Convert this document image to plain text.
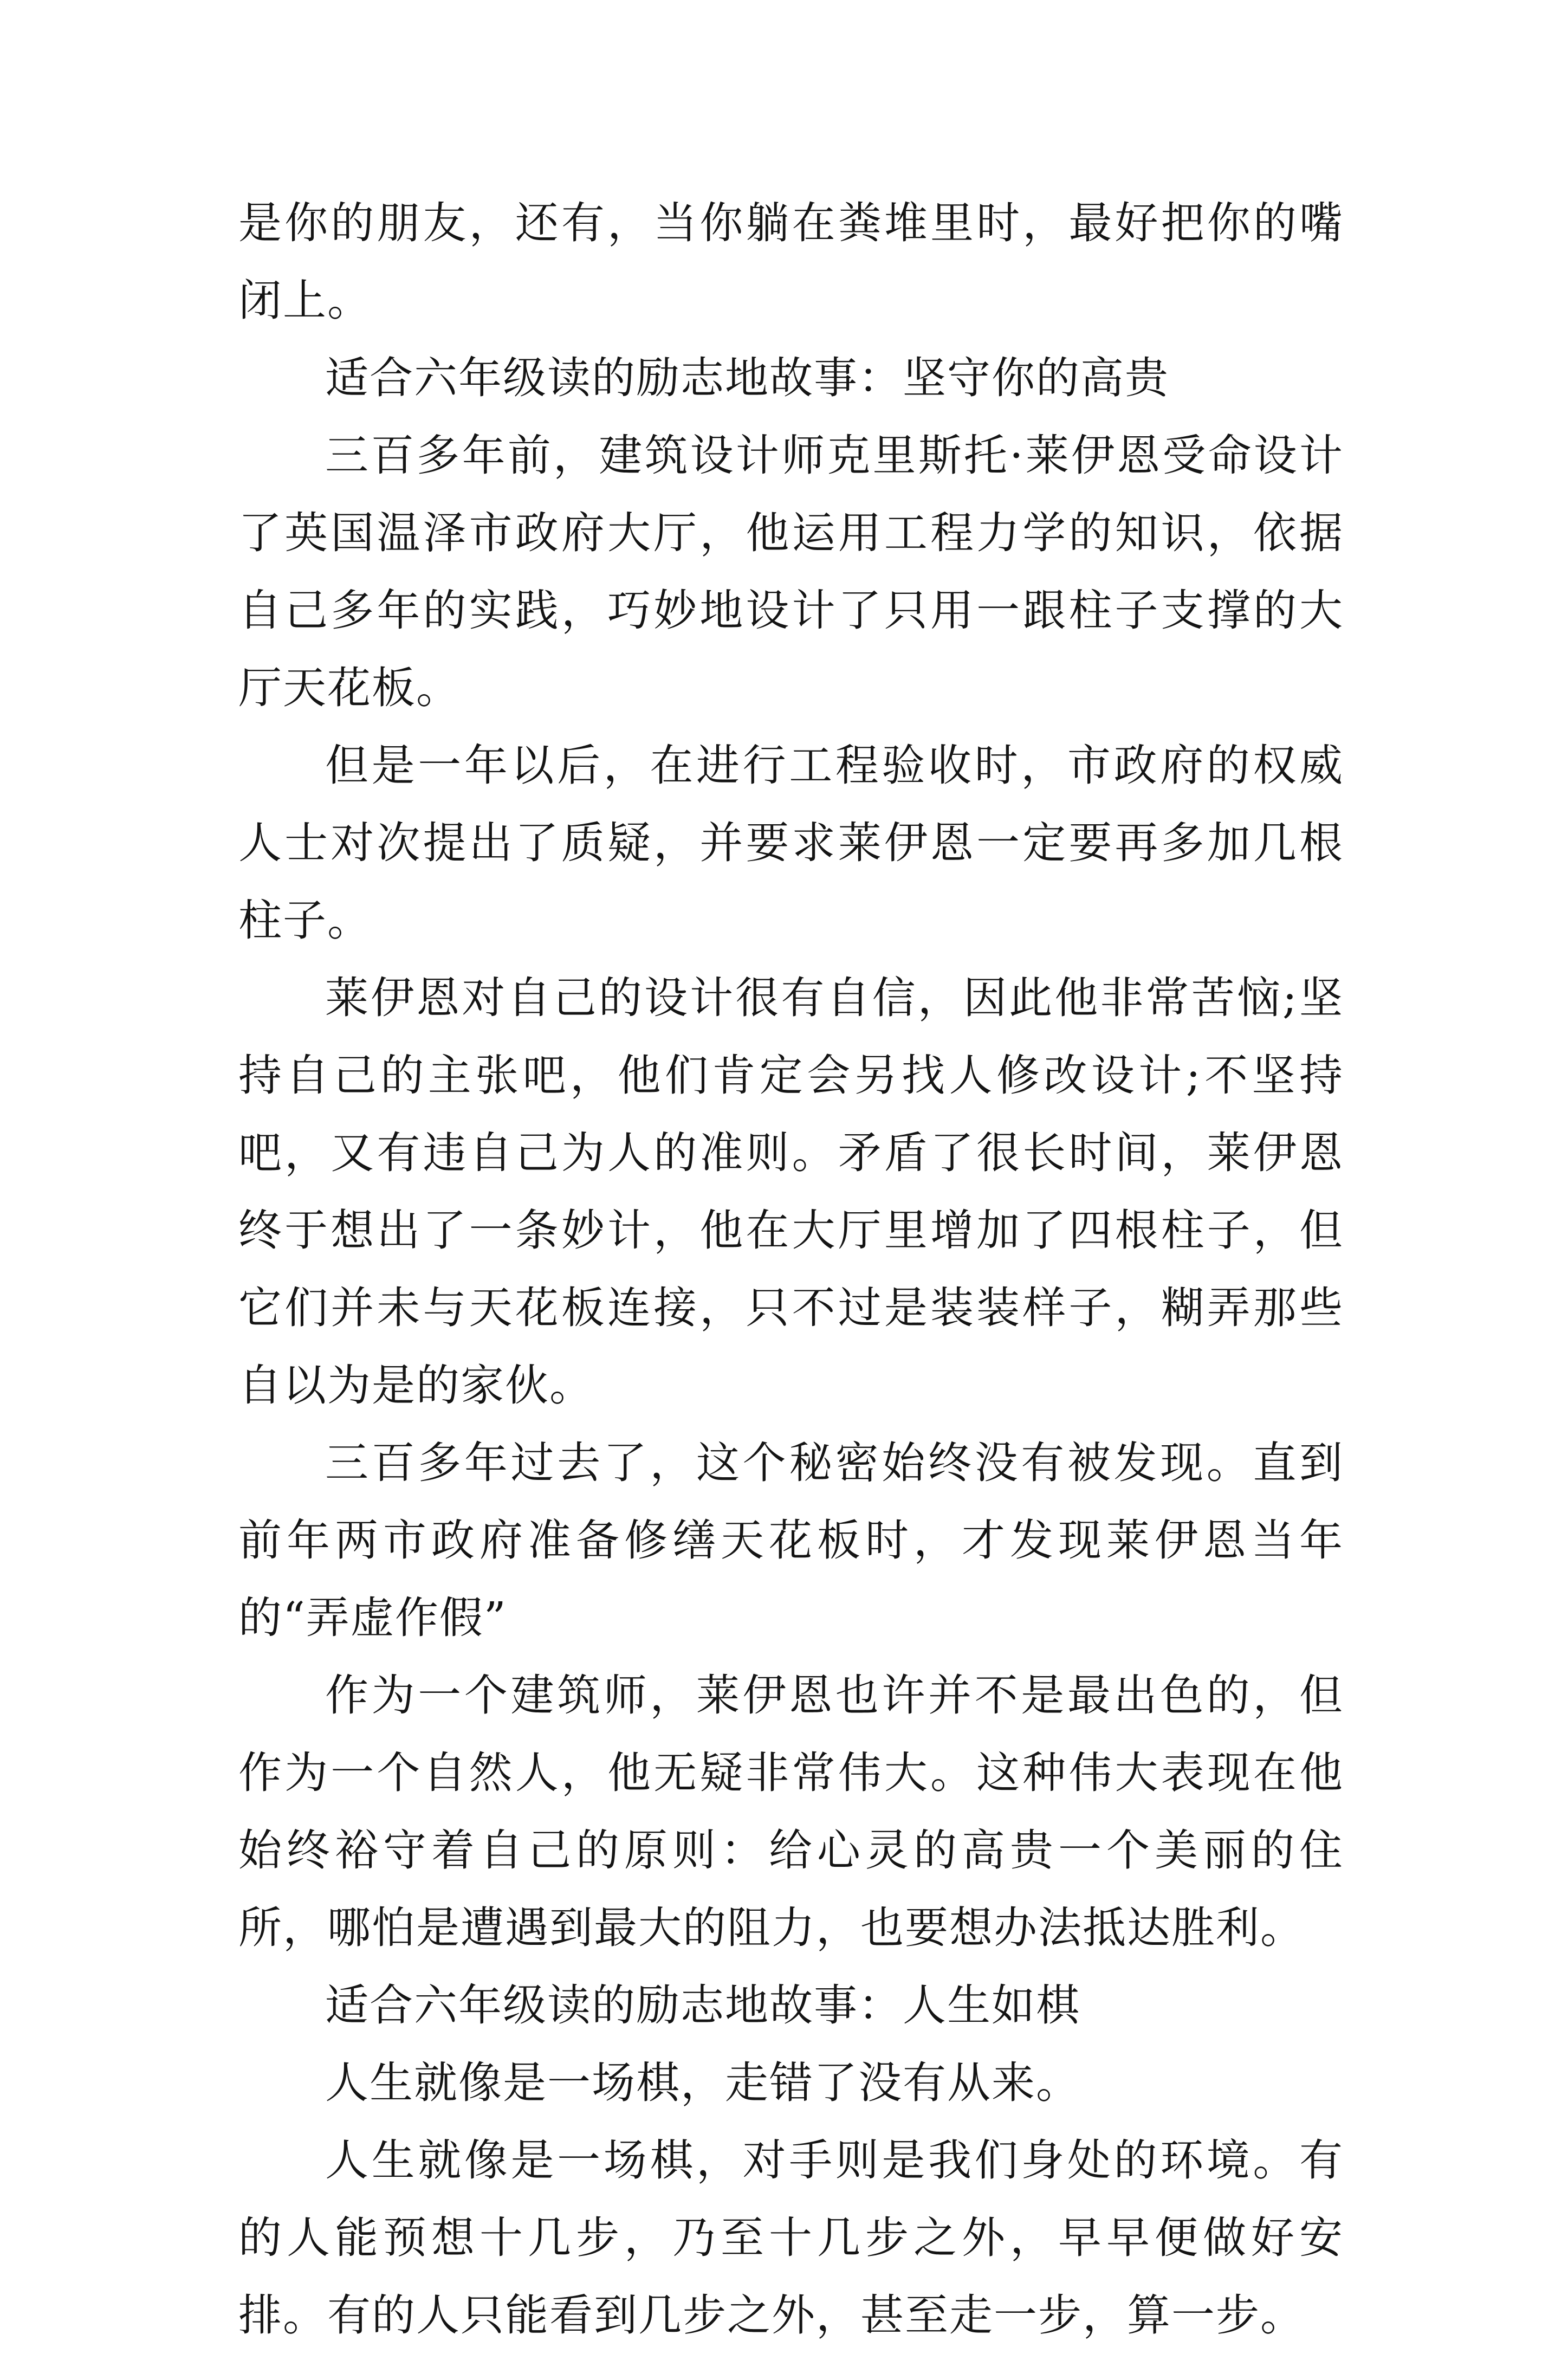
是你的朋友，还有，当你躺在粪堆里时，最好把你的嘴闭上。

适合六年级读的励志地故事：坚守你的高贵

三百多年前，建筑设计师克里斯托·莱伊恩受命设计了英国温泽市政府大厅，他运用工程力学的知识，依据自己多年的实践，巧妙地设计了只用一跟柱子支撑的大厅天花板。

但是一年以后，在进行工程验收时，市政府的权威人士对次提出了质疑，并要求莱伊恩一定要再多加几根柱子。

莱伊恩对自己的设计很有自信，因此他非常苦恼;坚持自己的主张吧，他们肯定会另找人修改设计;不坚持吧，又有违自己为人的准则。矛盾了很长时间，莱伊恩终于想出了一条妙计，他在大厅里增加了四根柱子，但它们并未与天花板连接，只不过是装装样子，糊弄那些自以为是的家伙。

三百多年过去了，这个秘密始终没有被发现。直到前年两市政府准备修缮天花板时，才发现莱伊恩当年的“弄虚作假”

作为一个建筑师，莱伊恩也许并不是最出色的，但作为一个自然人，他无疑非常伟大。这种伟大表现在他始终裕守着自己的原则：给心灵的高贵一个美丽的住所，哪怕是遭遇到最大的阻力，也要想办法抵达胜利。

适合六年级读的励志地故事：人生如棋

人生就像是一场棋，走错了没有从来。

人生就像是一场棋，对手则是我们身处的环境。有的人能预想十几步，乃至十几步之外，早早便做好安排。有的人只能看到几步之外，甚至走一步，算一步。
